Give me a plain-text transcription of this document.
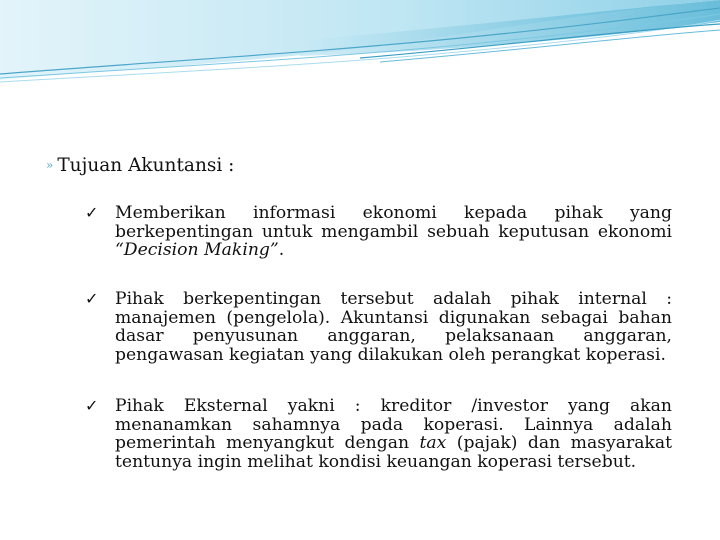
» Tujuan Akuntansi :
✓ Memberikan informasi ekonomi kepada pihak yang berkepentingan untuk mengambil sebuah keputusan ekonomi “Decision Making”.
✓ Pihak berkepentingan tersebut adalah pihak internal : manajemen (pengelola). Akuntansi digunakan sebagai bahan dasar penyusunan anggaran, pelaksanaan anggaran, pengawasan kegiatan yang dilakukan oleh perangkat koperasi.
✓ Pihak Eksternal yakni : kreditor /investor yang akan menanamkan sahamnya pada koperasi. Lainnya adalah pemerintah menyangkut dengan tax (pajak) dan masyarakat tentunya ingin melihat kondisi keuangan koperasi tersebut.
